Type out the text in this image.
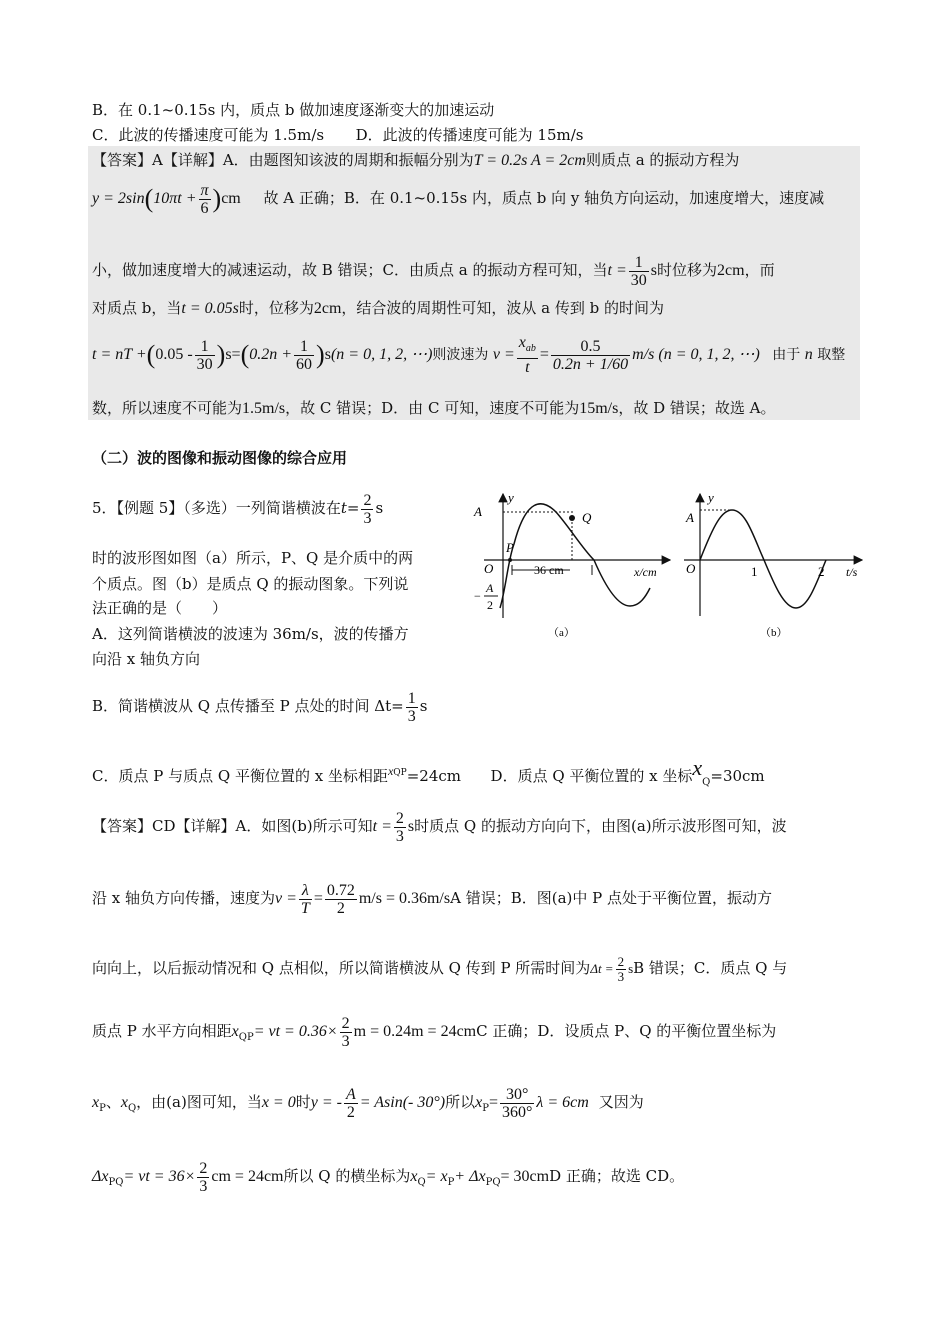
B．在 0.1~0.15s 内，质点 b 做加速度逐渐变大的加速运动
C．此波的传播速度可能为 1.5m/s D．此波的传播速度可能为 15m/s
【答案】A【详解】A．由题图知该波的周期和振幅分别为T = 0.2s A = 2cm则质点 a 的振动方程为
$y = 2\sin(10\pi t + \frac{\pi}{6} )cm$ 故 A 正确；B．在 0.1~0.15s 内，质点 b 向 y 轴负方向运动，加速度增大，速度减
小，做加速度增大的减速运动，故 B 错误；C．由质点 a 的振动方程可知，当$t = \frac{1}{30}$ s时位移为2cm，而
对质点 b，当t = 0.05s时，位移为2cm，结合波的周期性可知，波从 a 传到 b 的时间为
t = nT $+(0.05 - \frac{1}{30} )s=(0.2n + \frac{1}{60} )s(n = 0$, 1, 2, ⋯)则波速为 $v = \frac{x_{ab}}{t} = \frac{0.5}{0.2n + 1/60} m/s$ (n = 0, 1, 2, ⋯) 由于 n 取整
数，所以速度不可能为1.5m/s，故 C 错误；D．由 C 可知，速度不可能为15m/s，故 D 错误；故选 A。
（二）波的图像和振动图像的综合应用
5．【例题 5】（多选）一列简谐横波在$t= \frac{2}{3}$ s
时的波形图如图（a）所示，P、Q 是介质中的两
个质点。图（b）是质点 Q 的振动图象。下列说
法正确的是（　　）
A．这列简谐横波的波速为 36m/s，波的传播方
向沿 x 轴负方向
B．简谐横波从 Q 点传播至 P 点处的时间 $\Delta t= \frac{1}{3}$ s
C．质点 P 与质点 Q 平衡位置的 x 坐标相距$^{xQP}$=24cm D．质点 Q 平衡位置的 x 坐标$x_Q=30cm$
A
y
O
P
Q
36 cm	x/cm
−
A
2
（a）
A
y
O	1	2 t/s
（b）
【答案】CD【详解】A．如图(b)所示可知$t = \frac{2}{3}$ s时质点 Q 的振动方向向下，由图(a)所示波形图可知，波
沿 x 轴负方向传播，速度为$v = \frac{\lambda}{T} = \frac{0.72}{2} m/s = 0.36m/sA$ 错误；B．图(a)中 P 点处于平衡位置，振动方
向向上，以后振动情况和 Q 点相似，所以简谐横波从 Q 传到 P 所需时间为$\Delta t = \frac{2}{3}$ sB 错误；C．质点 Q 与
质点 P 水平方向相距$x_{QP}=$ vt = $0.36\times \frac{2}{3}$ m = 0.24m = 24cmC 正确；D．设质点 P、Q 的平衡位置坐标为
$x_P$、$x_Q$，由(a)图可知，当x = 0时y = - $\frac{A}{2} = Asin(-$ 30°)所以$x_P= \frac{30^\circ}{360^\circ}$ λ = 6cm 又因为
$\Delta x_{PQ}=$ vt = $36\times \frac{2}{3}$ cm = 24cm所以 Q 的横坐标为$x_Q= x_P+ \Delta x_{PQ}= 30cmD$ 正确；故选 CD。
